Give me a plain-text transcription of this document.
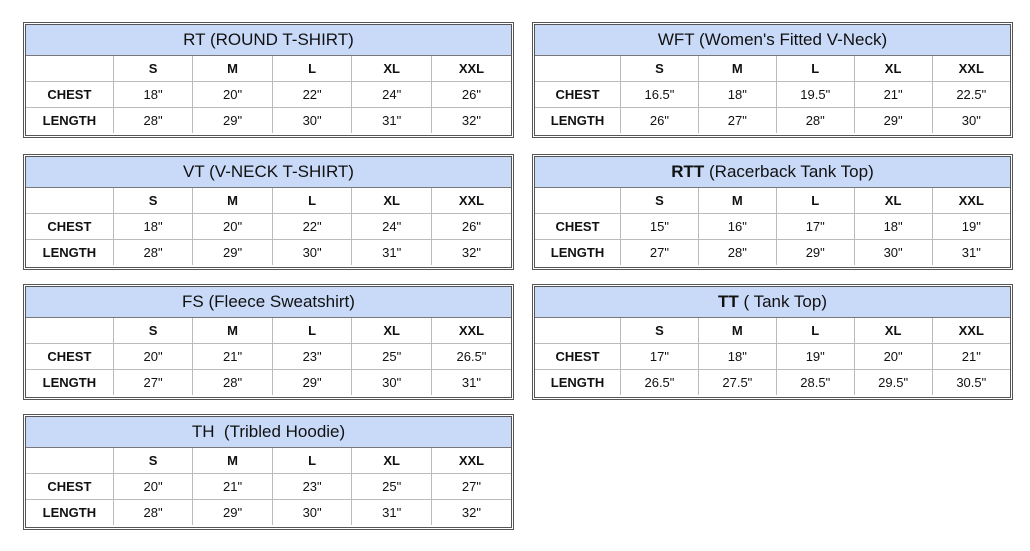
RT (ROUND T-SHIRT)
	S	M	L	XL	XXL
CHEST	18"	20"	22"	24"	26"
LENGTH	28"	29"	30"	31"	32"
WFT (Women's Fitted V-Neck)
	S	M	L	XL	XXL
CHEST	16.5"	18"	19.5"	21"	22.5"
LENGTH	26"	27"	28"	29"	30"
VT (V-NECK T-SHIRT)
	S	M	L	XL	XXL
CHEST	18"	20"	22"	24"	26"
LENGTH	28"	29"	30"	31"	32"
RTT (Racerback Tank Top)
	S	M	L	XL	XXL
CHEST	15"	16"	17"	18"	19"
LENGTH	27"	28"	29"	30"	31"
FS (Fleece Sweatshirt)
	S	M	L	XL	XXL
CHEST	20"	21"	23"	25"	26.5"
LENGTH	27"	28"	29"	30"	31"
TT ( Tank Top)
	S	M	L	XL	XXL
CHEST	17"	18"	19"	20"	21"
LENGTH	26.5"	27.5"	28.5"	29.5"	30.5"
TH  (Tribled Hoodie)
	S	M	L	XL	XXL
CHEST	20"	21"	23"	25"	27"
LENGTH	28"	29"	30"	31"	32"
